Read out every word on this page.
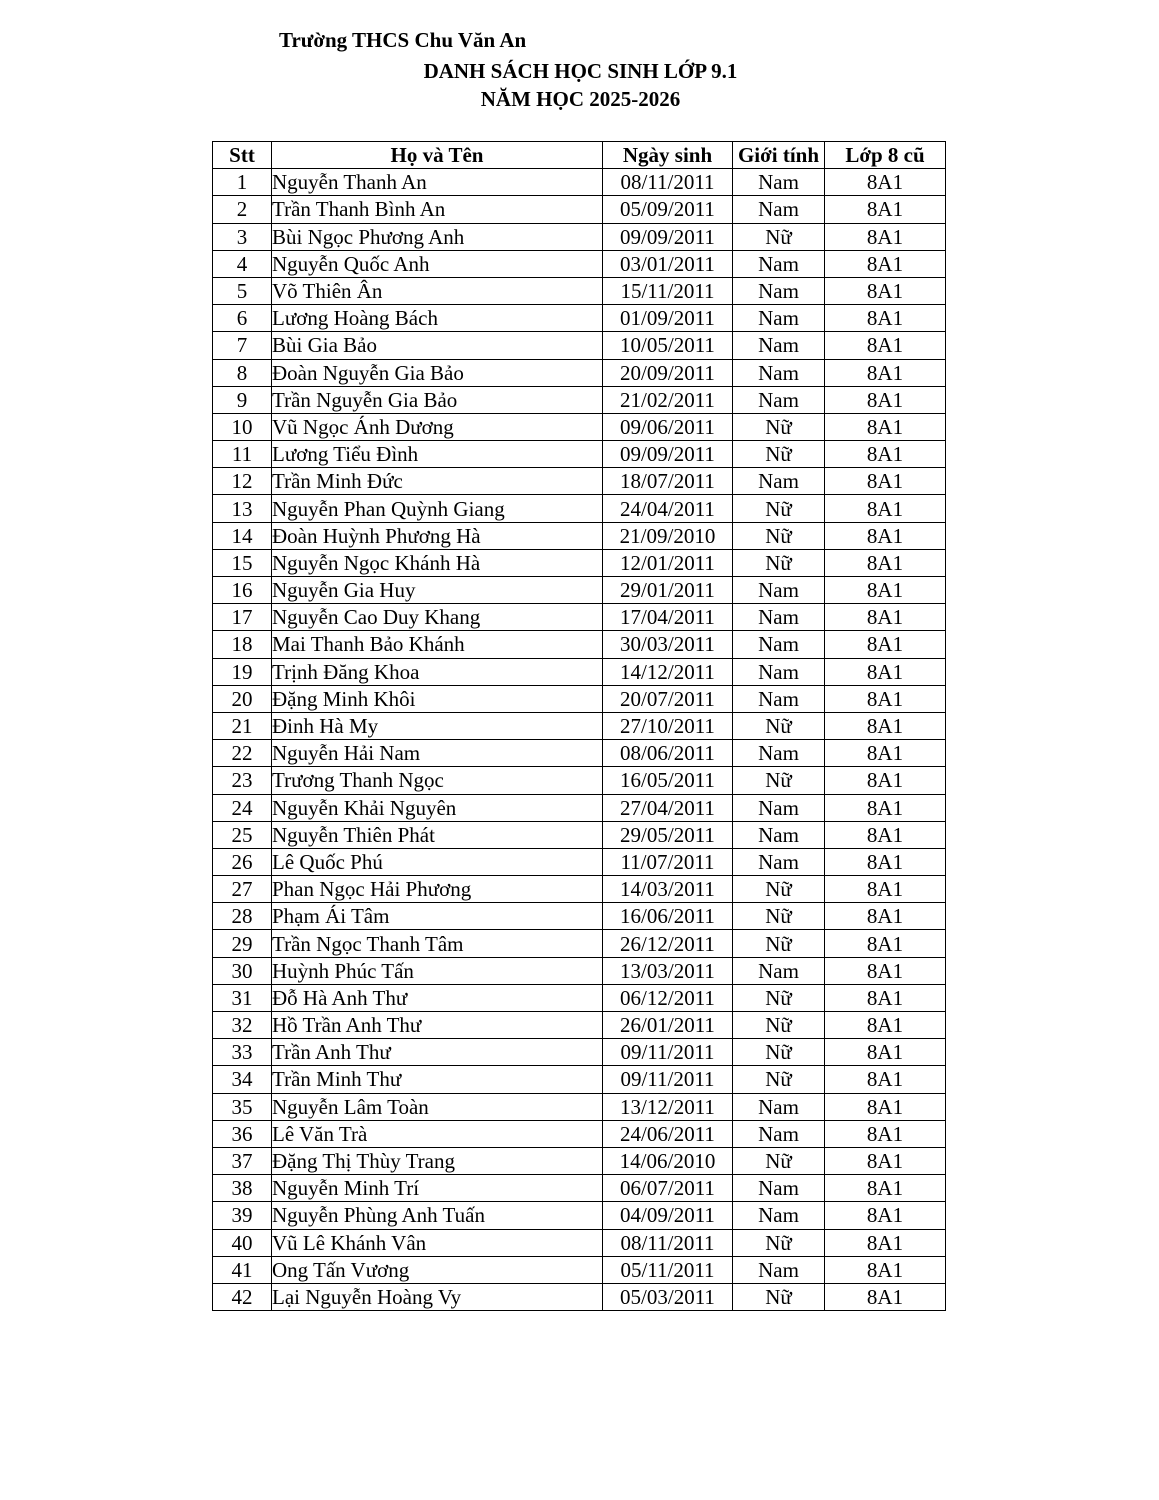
Trường THCS Chu Văn An

DANH SÁCH HỌC SINH LỚP 9.1

NĂM HỌC 2025-2026

Stt	Họ và Tên	Ngày sinh	Giới tính	Lớp 8 cũ
1	Nguyễn Thanh An	08/11/2011	Nam	8A1
2	Trần Thanh Bình An	05/09/2011	Nam	8A1
3	Bùi Ngọc Phương Anh	09/09/2011	Nữ	8A1
4	Nguyễn Quốc Anh	03/01/2011	Nam	8A1
5	Võ Thiên Ân	15/11/2011	Nam	8A1
6	Lương Hoàng Bách	01/09/2011	Nam	8A1
7	Bùi Gia Bảo	10/05/2011	Nam	8A1
8	Đoàn Nguyễn Gia Bảo	20/09/2011	Nam	8A1
9	Trần Nguyễn Gia Bảo	21/02/2011	Nam	8A1
10	Vũ Ngọc Ánh Dương	09/06/2011	Nữ	8A1
11	Lương Tiểu Đình	09/09/2011	Nữ	8A1
12	Trần Minh Đức	18/07/2011	Nam	8A1
13	Nguyễn Phan Quỳnh Giang	24/04/2011	Nữ	8A1
14	Đoàn Huỳnh Phương Hà	21/09/2010	Nữ	8A1
15	Nguyễn Ngọc Khánh Hà	12/01/2011	Nữ	8A1
16	Nguyễn Gia Huy	29/01/2011	Nam	8A1
17	Nguyễn Cao Duy Khang	17/04/2011	Nam	8A1
18	Mai Thanh Bảo Khánh	30/03/2011	Nam	8A1
19	Trịnh Đăng Khoa	14/12/2011	Nam	8A1
20	Đặng Minh Khôi	20/07/2011	Nam	8A1
21	Đinh Hà My	27/10/2011	Nữ	8A1
22	Nguyễn Hải Nam	08/06/2011	Nam	8A1
23	Trương Thanh Ngọc	16/05/2011	Nữ	8A1
24	Nguyễn Khải Nguyên	27/04/2011	Nam	8A1
25	Nguyễn Thiên Phát	29/05/2011	Nam	8A1
26	Lê Quốc Phú	11/07/2011	Nam	8A1
27	Phan Ngọc Hải Phương	14/03/2011	Nữ	8A1
28	Phạm Ái Tâm	16/06/2011	Nữ	8A1
29	Trần Ngọc Thanh Tâm	26/12/2011	Nữ	8A1
30	Huỳnh Phúc Tấn	13/03/2011	Nam	8A1
31	Đỗ Hà Anh Thư	06/12/2011	Nữ	8A1
32	Hồ Trần Anh Thư	26/01/2011	Nữ	8A1
33	Trần Anh Thư	09/11/2011	Nữ	8A1
34	Trần Minh Thư	09/11/2011	Nữ	8A1
35	Nguyễn Lâm Toàn	13/12/2011	Nam	8A1
36	Lê Văn Trà	24/06/2011	Nam	8A1
37	Đặng Thị Thùy Trang	14/06/2010	Nữ	8A1
38	Nguyễn Minh Trí	06/07/2011	Nam	8A1
39	Nguyễn Phùng Anh Tuấn	04/09/2011	Nam	8A1
40	Vũ Lê Khánh Vân	08/11/2011	Nữ	8A1
41	Ong Tấn Vương	05/11/2011	Nam	8A1
42	Lại Nguyễn Hoàng Vy	05/03/2011	Nữ	8A1
